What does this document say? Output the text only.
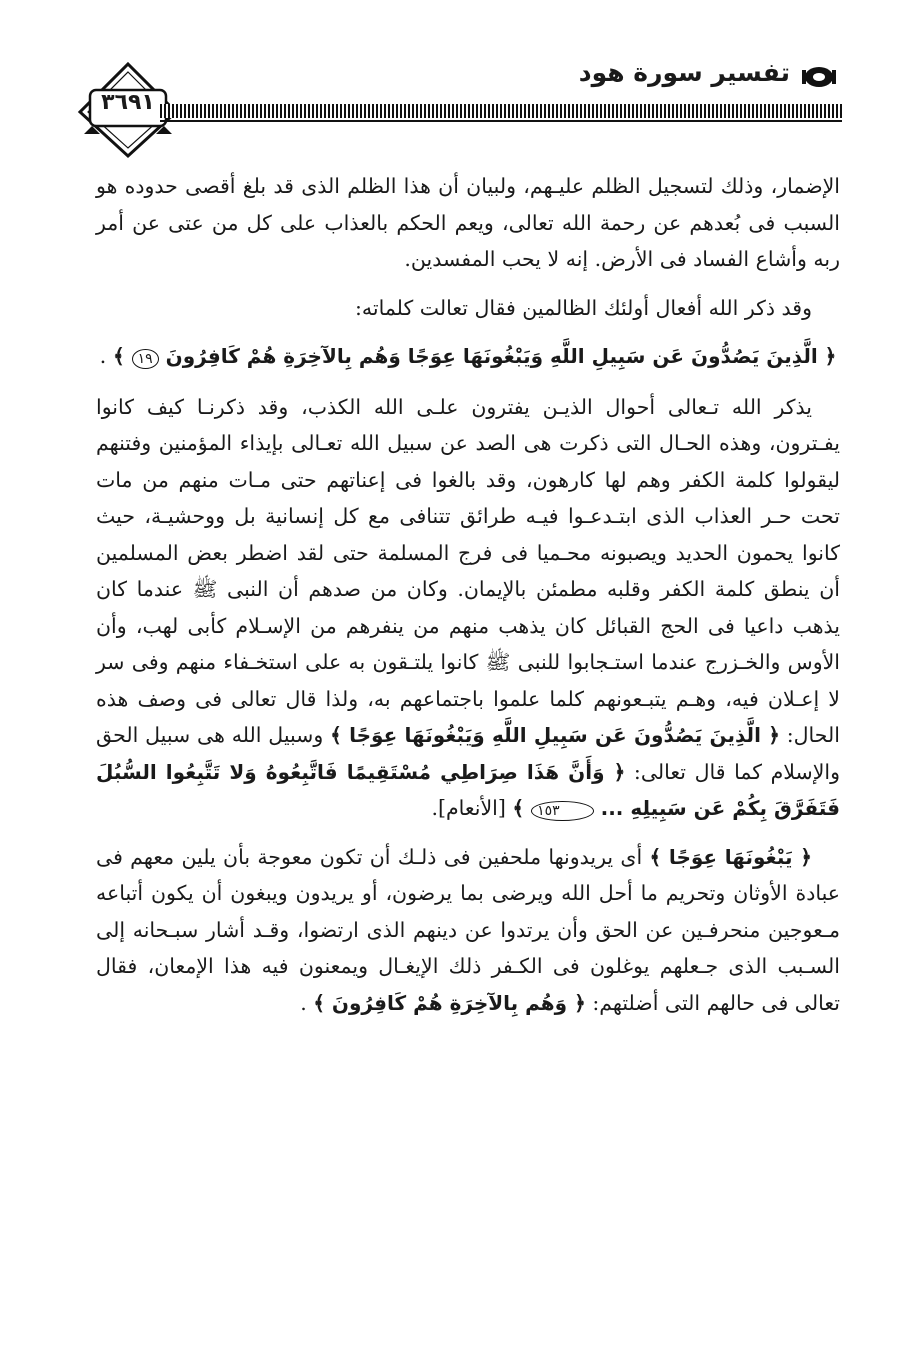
٣٦٩١
تفسير سورة هود

الإضمار، وذلك لتسجيل الظلم عليـهم، ولبيان أن هذا الظلم الذى قد بلغ أقصى حدوده هو السبب فى بُعدهم عن رحمة الله تعالى، ويعم الحكم بالعذاب على كل من عتى عن أمر ربه وأشاع الفساد فى الأرض. إنه لا يحب المفسدين.

وقد ذكر الله أفعال أولئك الظالمين فقال تعالت كلماته:

﴿ الَّذِينَ يَصُدُّونَ عَن سَبِيلِ اللَّهِ وَيَبْغُونَهَا عِوَجًا وَهُم بِالآخِرَةِ هُمْ كَافِرُونَ ١٩ ﴾ .

يذكر الله تـعالى أحوال الذيـن يفترون علـى الله الكذب، وقد ذكرنـا كيف كانوا يفـترون، وهذه الحـال التى ذكرت هى الصد عن سبيل الله تعـالى بإيذاء المؤمنين وفتنهم ليقولوا كلمة الكفر وهم لها كارهون، وقد بالغوا فى إعناتهم حتى مـات منهم من مات تحت حـر العذاب الذى ابتـدعـوا فيـه طرائق تتنافى مع كل إنسانية بل ووحشيـة، حيث كانوا يحمون الحديد ويصبونه محـميا فى فرج المسلمة حتى لقد اضطر بعض المسلمين أن ينطق كلمة الكفر وقلبه مطمئن بالإيمان. وكان من صدهم أن النبى ﷺ عندما كان يذهب داعيا فى الحج القبائل كان يذهب منهم من ينفرهم من الإسـلام كأبى لهب، وأن الأوس والخـزرج عندما استـجابوا للنبى ﷺ كانوا يلتـقون به على استخـفاء منهم وفى سر لا إعـلان فيه، وهـم يتبـعونهم كلما علموا باجتماعهم به، ولذا قال تعالى فى وصف هذه الحال: ﴿ الَّذِينَ يَصُدُّونَ عَن سَبِيلِ اللَّهِ وَيَبْغُونَهَا عِوَجًا ﴾ وسبيل الله هى سبيل الحق والإسلام كما قال تعالى: ﴿ وَأَنَّ هَذَا صِرَاطِي مُسْتَقِيمًا فَاتَّبِعُوهُ وَلا تَتَّبِعُوا السُّبُلَ فَتَفَرَّقَ بِكُمْ عَن سَبِيلِهِ ... ١٥٣ ﴾ [الأنعام].

﴿ يَبْغُونَهَا عِوَجًا ﴾ أى يريدونها ملحفين فى ذلـك أن تكون معوجة بأن يلين معهم فى عبادة الأوثان وتحريم ما أحل الله ويرضى بما يرضون، أو يريدون ويبغون أن يكون أتباعه مـعوجين منحرفـين عن الحق وأن يرتدوا عن دينهم الذى ارتضوا، وقـد أشار سبـحانه إلى السـبب الذى جـعلهم يوغلون فى الكـفر ذلك الإيغـال ويمعنون فيه هذا الإمعان، فقال تعالى فى حالهم التى أضلتهم: ﴿ وَهُم بِالآخِرَةِ هُمْ كَافِرُونَ ﴾ .
